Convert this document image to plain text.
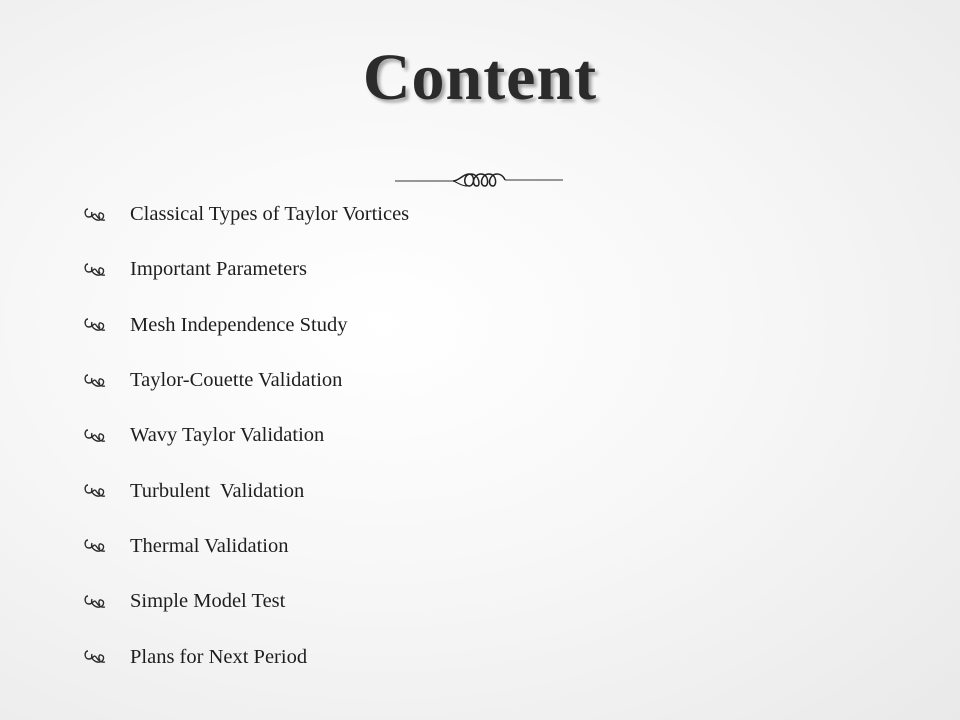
Content
Classical Types of Taylor Vortices
Important Parameters
Mesh Independence Study
Taylor-Couette Validation
Wavy Taylor Validation
Turbulent  Validation
Thermal Validation
Simple Model Test
Plans for Next Period
